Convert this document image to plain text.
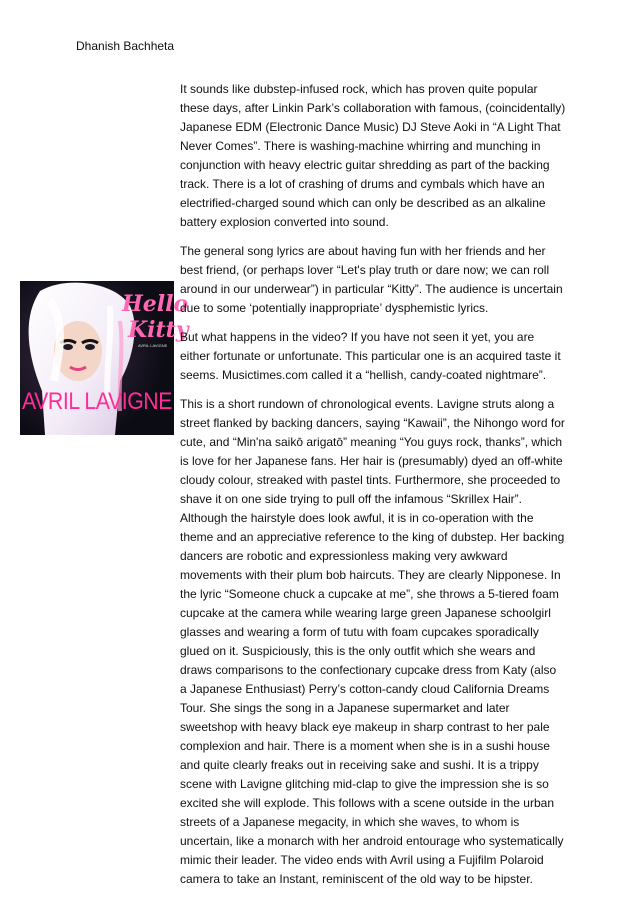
Dhanish Bachheta
Hello
Kitty
AVRIL LAVIGNE
AVRIL LAVIGNE

It sounds like dubstep-infused rock, which has proven quite popular these days, after Linkin Park’s collaboration with famous, (coincidentally) Japanese EDM (Electronic Dance Music) DJ Steve Aoki in “A Light That Never Comes”. There is washing-machine whirring and munching in conjunction with heavy electric guitar shredding as part of the backing track. There is a lot of crashing of drums and cymbals which have an electrified-charged sound which can only be described as an alkaline battery explosion converted into sound.

The general song lyrics are about having fun with her friends and her best friend, (or perhaps lover “Let's play truth or dare now; we can roll around in our underwear”) in particular “Kitty”. The audience is uncertain due to some ‘potentially inappropriate’ dysphemistic lyrics.

But what happens in the video? If you have not seen it yet, you are either fortunate or unfortunate. This particular one is an acquired taste it seems. Musictimes.com called it a “hellish, candy-coated nightmare”.

This is a short rundown of chronological events. Lavigne struts along a street flanked by backing dancers, saying “Kawaii”, the Nihongo word for cute, and “Min'na saikō arigatō” meaning “You guys rock, thanks”, which is love for her Japanese fans. Her hair is (presumably) dyed an off-white cloudy colour, streaked with pastel tints. Furthermore, she proceeded to shave it on one side trying to pull off the infamous “Skrillex Hair”. Although the hairstyle does look awful, it is in co-operation with the theme and an appreciative reference to the king of dubstep. Her backing dancers are robotic and expressionless making very awkward movements with their plum bob haircuts. They are clearly Nipponese. In the lyric “Someone chuck a cupcake at me”, she throws a 5-tiered foam cupcake at the camera while wearing large green Japanese schoolgirl glasses and wearing a form of tutu with foam cupcakes sporadically glued on it. Suspiciously, this is the only outfit which she wears and draws comparisons to the confectionary cupcake dress from Katy (also a Japanese Enthusiast) Perry’s cotton-candy cloud California Dreams Tour. She sings the song in a Japanese supermarket and later sweetshop with heavy black eye makeup in sharp contrast to her pale complexion and hair. There is a moment when she is in a sushi house and quite clearly freaks out in receiving sake and sushi. It is a trippy scene with Lavigne glitching mid-clap to give the impression she is so excited she will explode. This follows with a scene outside in the urban streets of a Japanese megacity, in which she waves, to whom is uncertain, like a monarch with her android entourage who systematically mimic their leader. The video ends with Avril using a Fujifilm Polaroid camera to take an Instant, reminiscent of the old way to be hipster.
